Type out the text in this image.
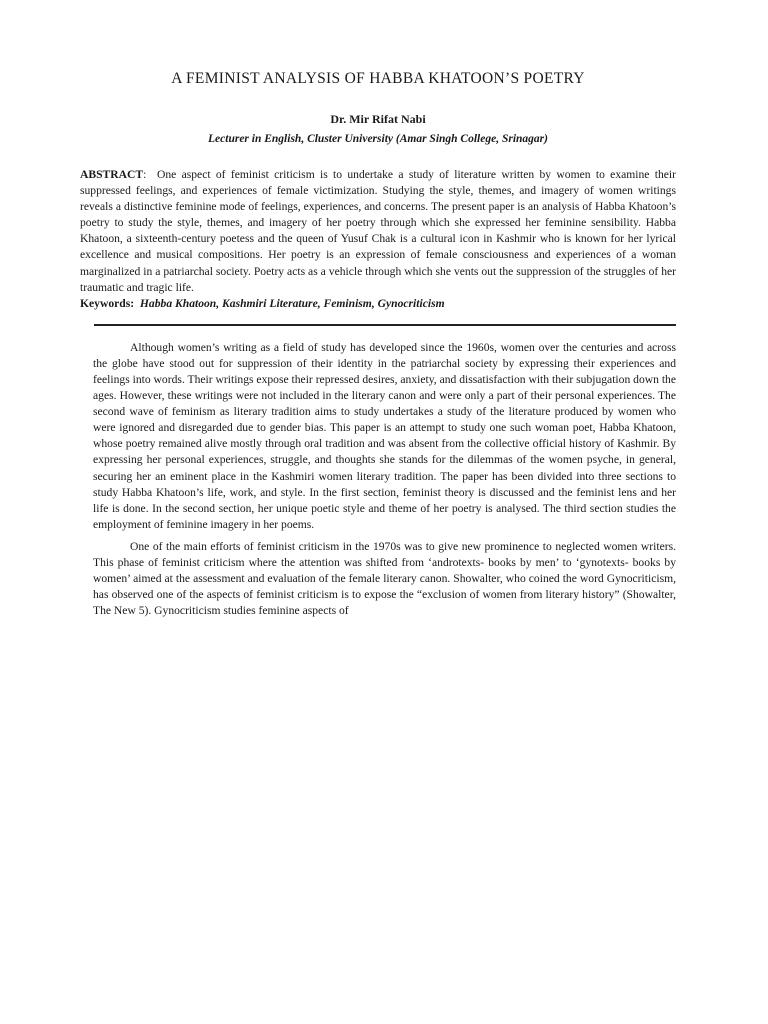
A FEMINIST ANALYSIS OF HABBA KHATOON’S POETRY
Dr. Mir Rifat Nabi
Lecturer in English, Cluster University (Amar Singh College, Srinagar)

ABSTRACT:  One aspect of feminist criticism is to undertake a study of literature written by women to examine their suppressed feelings, and experiences of female victimization. Studying the style, themes, and imagery of women writings reveals a distinctive feminine mode of feelings, experiences, and concerns. The present paper is an analysis of Habba Khatoon’s poetry to study the style, themes, and imagery of her poetry through which she expressed her feminine sensibility. Habba Khatoon, a sixteenth-century poetess and the queen of Yusuf Chak is a cultural icon in Kashmir who is known for her lyrical excellence and musical compositions. Her poetry is an expression of female consciousness and experiences of a woman marginalized in a patriarchal society. Poetry acts as a vehicle through which she vents out the suppression of the struggles of her traumatic and tragic life.

Keywords: Habba Khatoon, Kashmiri Literature, Feminism, Gynocriticism

Although women’s writing as a field of study has developed since the 1960s, women over the centuries and across the globe have stood out for suppression of their identity in the patriarchal society by expressing their experiences and feelings into words. Their writings expose their repressed desires, anxiety, and dissatisfaction with their subjugation down the ages. However, these writings were not included in the literary canon and were only a part of their personal experiences. The second wave of feminism as literary tradition aims to study undertakes a study of the literature produced by women who were ignored and disregarded due to gender bias. This paper is an attempt to study one such woman poet, Habba Khatoon, whose poetry remained alive mostly through oral tradition and was absent from the collective official history of Kashmir. By expressing her personal experiences, struggle, and thoughts she stands for the dilemmas of the women psyche, in general, securing her an eminent place in the Kashmiri women literary tradition. The paper has been divided into three sections to study Habba Khatoon’s life, work, and style. In the first section, feminist theory is discussed and the feminist lens and her life is done. In the second section, her unique poetic style and theme of her poetry is analysed. The third section studies the employment of feminine imagery in her poems.

One of the main efforts of feminist criticism in the 1970s was to give new prominence to neglected women writers. This phase of feminist criticism where the attention was shifted from ‘androtexts- books by men’ to ‘gynotexts- books by women’ aimed at the assessment and evaluation of the female literary canon. Showalter, who coined the word Gynocriticism, has observed one of the aspects of feminist criticism is to expose the “exclusion of women from literary history” (Showalter, The New 5). Gynocriticism studies feminine aspects of
